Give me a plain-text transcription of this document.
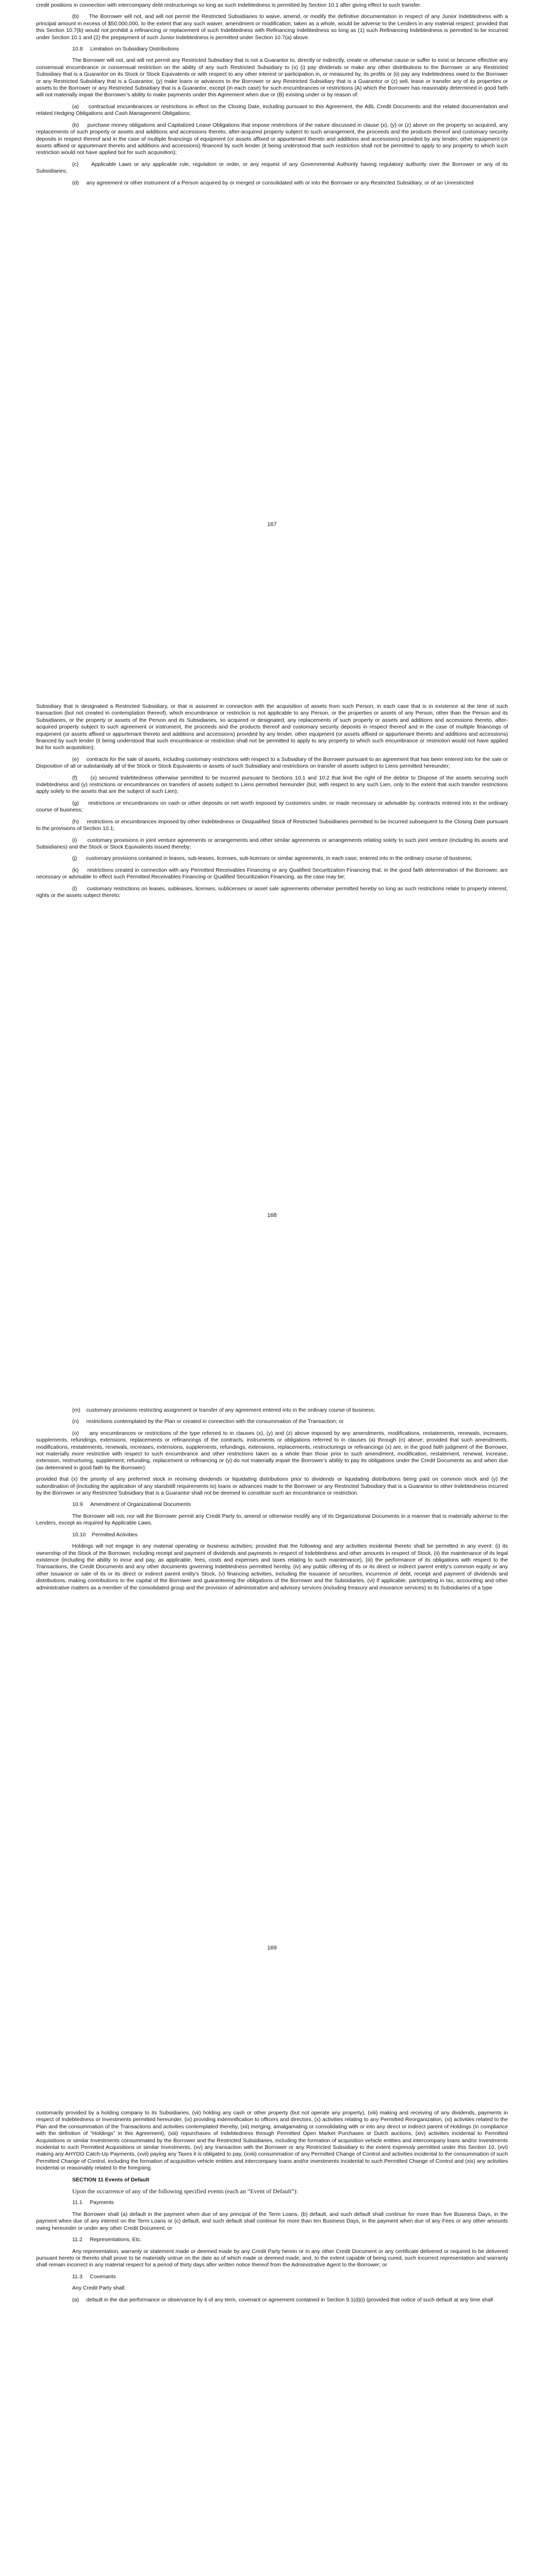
credit positions in connection with intercompany debt restructurings so long as such Indebtedness is permitted by Section 10.1 after giving effect to such transfer.

(b)     The Borrower will not, and will not permit the Restricted Subsidiaries to waive, amend, or modify the definitive documentation in respect of any Junior Indebtedness with a principal amount in excess of $50,000,000, to the extent that any such waiver, amendment or modification, taken as a whole, would be adverse to the Lenders in any material respect; provided that this Section 10.7(b) would not prohibit a refinancing or replacement of such Indebtedness with Refinancing Indebtedness so long as (1) such Refinancing Indebtedness is permitted to be incurred under Section 10.1 and (2) the prepayment of such Junior Indebtedness is permitted under Section 10.7(a) above.

10.8     Limitation on Subsidiary Distributions

The Borrower will not, and will not permit any Restricted Subsidiary that is not a Guarantor to, directly or indirectly, create or otherwise cause or suffer to exist or become effective any consensual encumbrance or consensual restriction on the ability of any such Restricted Subsidiary to (x) (i) pay dividends or make any other distributions to the Borrower or any Restricted Subsidiary that is a Guarantor on its Stock or Stock Equivalents or with respect to any other interest or participation in, or measured by, its profits or (ii) pay any Indebtedness owed to the Borrower or any Restricted Subsidiary that is a Guarantor, (y) make loans or advances to the Borrower or any Restricted Subsidiary that is a Guarantor or (z) sell, lease or transfer any of its properties or assets to the Borrower or any Restricted Subsidiary that is a Guarantor, except (in each case) for such encumbrances or restrictions (A) which the Borrower has reasonably determined in good faith will not materially impair the Borrower’s ability to make payments under this Agreement when due or (B) existing under or by reason of:

(a)     contractual encumbrances or restrictions in effect on the Closing Date, including pursuant to this Agreement, the ABL Credit Documents and the related documentation and related Hedging Obligations and Cash Management Obligations;

(b)     purchase money obligations and Capitalized Lease Obligations that impose restrictions of the nature discussed in clause (x), (y) or (z) above on the property so acquired, any replacements of such property or assets and additions and accessions thereto, after-acquired property subject to such arrangement, the proceeds and the products thereof and customary security deposits in respect thereof and in the case of multiple financings of equipment (or assets affixed or appurtenant thereto and additions and accessions) provided by any lender, other equipment (or assets affixed or appurtenant thereto and additions and accessions) financed by such lender (it being understood that such restriction shall not be permitted to apply to any property to which such restriction would not have applied but for such acquisition);

(c)     Applicable Laws or any applicable rule, regulation or order, or any request of any Governmental Authority having regulatory authority over the Borrower or any of its Subsidiaries;

(d)     any agreement or other instrument of a Person acquired by or merged or consolidated with or into the Borrower or any Restricted Subsidiary, or of an Unrestricted

167

Subsidiary that is designated a Restricted Subsidiary, or that is assumed in connection with the acquisition of assets from such Person, in each case that is in existence at the time of such transaction (but not created in contemplation thereof), which encumbrance or restriction is not applicable to any Person, or the properties or assets of any Person, other than the Person and its Subsidiaries, or the property or assets of the Person and its Subsidiaries, so acquired or designated, any replacements of such property or assets and additions and accessions thereto, after-acquired property subject to such agreement or instrument, the proceeds and the products thereof and customary security deposits in respect thereof and in the case of multiple financings of equipment (or assets affixed or appurtenant thereto and additions and accessions) provided by any lender, other equipment (or assets affixed or appurtenant thereto and additions and accessions) financed by such lender (it being understood that such encumbrance or restriction shall not be permitted to apply to any property to which such encumbrance or restriction would not have applied but for such acquisition);

(e)     contracts for the sale of assets, including customary restrictions with respect to a Subsidiary of the Borrower pursuant to an agreement that has been entered into for the sale or Disposition of all or substantially all of the Stock or Stock Equivalents or assets of such Subsidiary and restrictions on transfer of assets subject to Liens permitted hereunder;

(f)      (x) secured Indebtedness otherwise permitted to be incurred pursuant to Sections 10.1 and 10.2 that limit the right of the debtor to Dispose of the assets securing such Indebtedness and (y) restrictions or encumbrances on transfers of assets subject to Liens permitted hereunder (but, with respect to any such Lien, only to the extent that such transfer restrictions apply solely to the assets that are the subject of such Lien);

(g)     restrictions or encumbrances on cash or other deposits or net worth imposed by customers under, or made necessary or advisable by, contracts entered into in the ordinary course of business;

(h)     restrictions or encumbrances imposed by other Indebtedness or Disqualified Stock of Restricted Subsidiaries permitted to be incurred subsequent to the Closing Date pursuant to the provisions of Section 10.1;

(i)      customary provisions in joint venture agreements or arrangements and other similar agreements or arrangements relating solely to such joint venture (including its assets and Subsidiaries) and the Stock or Stock Equivalents issued thereby;

(j)      customary provisions contained in leases, sub-leases, licenses, sub-licenses or similar agreements, in each case, entered into in the ordinary course of business;

(k)     restrictions created in connection with any Permitted Receivables Financing or any Qualified Securitization Financing that, in the good faith determination of the Borrower, are necessary or advisable to effect such Permitted Receivables Financing or Qualified Securitization Financing, as the case may be;

(l)      customary restrictions on leases, subleases, licenses, sublicenses or asset sale agreements otherwise permitted hereby so long as such restrictions relate to property interest, rights or the assets subject thereto;

168

(m)    customary provisions restricting assignment or transfer of any agreement entered into in the ordinary course of business;

(n)     restrictions contemplated by the Plan or created in connection with the consummation of the Transaction; or

(o)     any encumbrances or restrictions of the type referred to in clauses (x), (y) and (z) above imposed by any amendments, modifications, restatements, renewals, increases, supplements, refundings, extensions, replacements or refinancings of the contracts, instruments or obligations referred to in clauses (a) through (n) above; provided that such amendments, modifications, restatements, renewals, increases, extensions, supplements, refundings, extensions, replacements, restructurings or refinancings (x) are, in the good faith judgment of the Borrower, not materially more restrictive with respect to such encumbrance and other restrictions taken as a whole than those prior to such amendment, modification, restatement, renewal, increase, extension, restructuring, supplement, refunding, replacement or refinancing or (y) do not materially impair the Borrower’s ability to pay its obligations under the Credit Documents as and when due (as determined in good faith by the Borrower);

provided that (x) the priority of any preferred stock in receiving dividends or liquidating distributions prior to dividends or liquidating distributions being paid on common stock and (y) the subordination of (including the application of any standstill requirements to) loans or advances made to the Borrower or any Restricted Subsidiary that is a Guarantor to other Indebtedness incurred by the Borrower or any Restricted Subsidiary that is a Guarantor shall not be deemed to constitute such an encumbrance or restriction.

10.9     Amendment of Organizational Documents

The Borrower will not, nor will the Borrower permit any Credit Party to, amend or otherwise modify any of its Organizational Documents in a manner that is materially adverse to the Lenders, except as required by Applicable Laws.

10.10    Permitted Activities

Holdings will not engage in any material operating or business activities; provided that the following and any activities incidental thereto shall be permitted in any event: (i) its ownership of the Stock of the Borrower, including receipt and payment of dividends and payments in respect of Indebtedness and other amounts in respect of Stock, (ii) the maintenance of its legal existence (including the ability to incur and pay, as applicable, fees, costs and expenses and taxes relating to such maintenance), (iii) the performance of its obligations with respect to the Transactions, the Credit Documents and any other documents governing Indebtedness permitted hereby, (iv) any public offering of its or its direct or indirect parent entity’s common equity or any other issuance or sale of its or its direct or indirect parent entity’s Stock, (v) financing activities, including the issuance of securities, incurrence of debt, receipt and payment of dividends and distributions, making contributions to the capital of the Borrower and guaranteeing the obligations of the Borrower and the Subsidiaries, (vi) if applicable, participating in tax, accounting and other administrative matters as a member of the consolidated group and the provision of administrative and advisory services (including treasury and insurance services) to its Subsidiaries of a type

169

customarily provided by a holding company to its Subsidiaries, (vii) holding any cash or other property (but not operate any property), (viii) making and receiving of any dividends, payments in respect of Indebtedness or Investments permitted hereunder, (ix) providing indemnification to officers and directors, (x) activities relating to any Permitted Reorganization, (xi) activities related to the Plan and the consummation of the Transactions and activities contemplated thereby, (xii) merging, amalgamating or consolidating with or into any direct or indirect parent of Holdings (in compliance with the definition of “Holdings” in this Agreement), (xiii) repurchases of Indebtedness through Permitted Open Market Purchases or Dutch auctions, (xiv) activities incidental to Permitted Acquisitions or similar Investments consummated by the Borrower and the Restricted Subsidiaries, including the formation of acquisition vehicle entities and intercompany loans and/or Investments incidental to such Permitted Acquisitions or similar Investments, (xv) any transaction with the Borrower or any Restricted Subsidiary to the extent expressly permitted under this Section 10, (xvi) making any AHYDO Catch-Up Payments, (xvii) paying any Taxes it is obligated to pay, (xviii) consummation of any Permitted Change of Control and activities incidental to the consummation of such Permitted Change of Control, including the formation of acquisition vehicle entities and intercompany loans and/or investments incidental to such Permitted Change of Control and (xix) any activities incidental or reasonably related to the foregoing.

SECTION 11 Events of Default

Upon the occurrence of any of the following specified events (each an “Event of Default”):

11.1     Payments

The Borrower shall (a) default in the payment when due of any principal of the Term Loans, (b) default, and such default shall continue for more than five Business Days, in the payment when due of any interest on the Term Loans or (c) default, and such default shall continue for more than ten Business Days, in the payment when due of any Fees or any other amounts owing hereunder or under any other Credit Document; or

11.2     Representations, Etc.

Any representation, warranty or statement made or deemed made by any Credit Party herein or in any other Credit Document or any certificate delivered or required to be delivered pursuant hereto or thereto shall prove to be materially untrue on the date as of which made or deemed made, and, to the extent capable of being cured, such incorrect representation and warranty shall remain incorrect in any material respect for a period of thirty days after written notice thereof from the Administrative Agent to the Borrower; or

11.3     Covenants

Any Credit Party shall:

(a)     default in the due performance or observance by it of any term, covenant or agreement contained in Section 9.1(d)(i) (provided that notice of such default at any time shall
